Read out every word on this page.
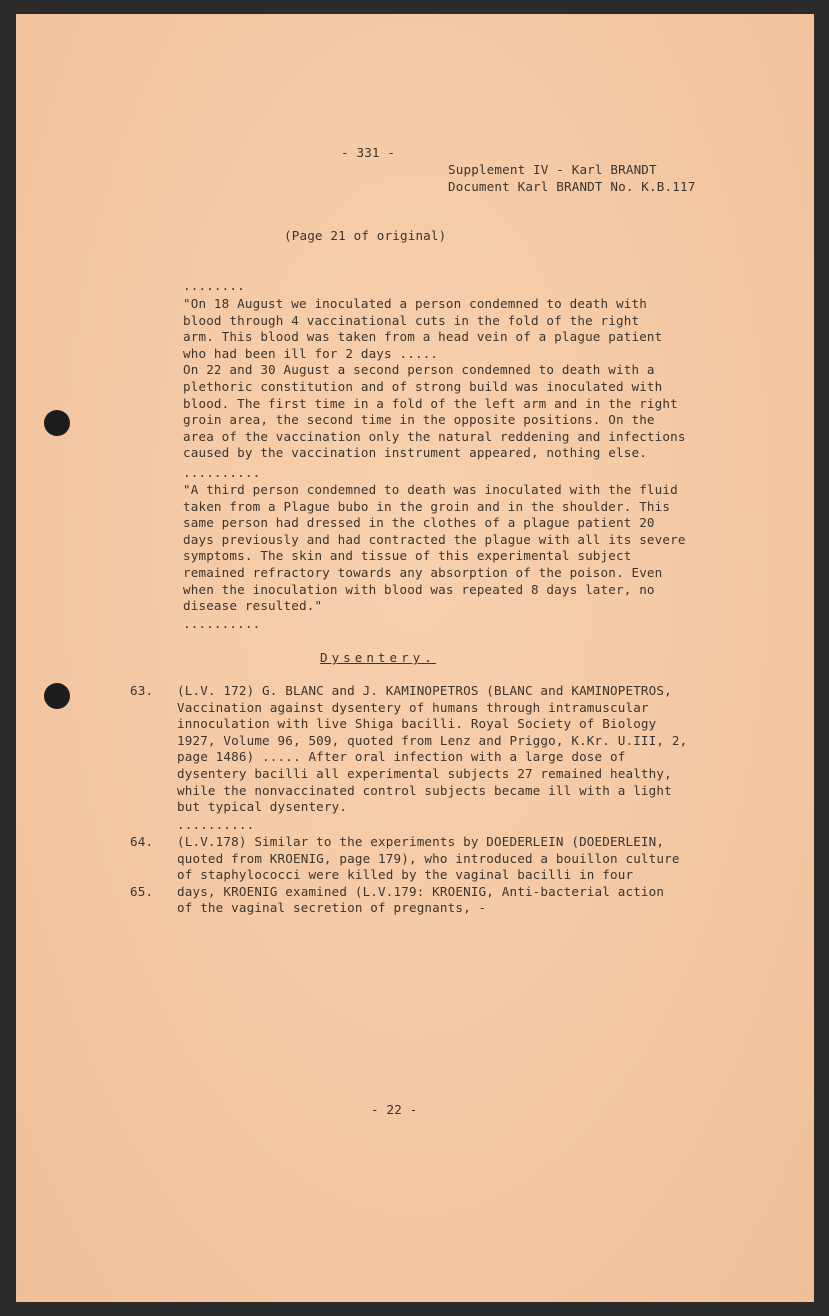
- 331 -
Supplement IV - Karl BRANDT
Document Karl BRANDT No. K.B.117
(Page 21 of original)
........
"On 18 August we inoculated a person condemned to death with
blood through 4 vaccinational cuts in the fold of the right
arm. This blood was taken from a head vein of a plague patient
who had been ill for 2 days .....
On 22 and 30 August a second person condemned to death with a
plethoric constitution and of strong build was inoculated with
blood. The first time in a fold of the left arm and in the right
groin area, the second time in the opposite positions. On the
area of the vaccination only the natural reddening and infections
caused by the vaccination instrument appeared, nothing else.
..........
"A third person condemned to death was inoculated with the fluid
taken from a Plague bubo in the groin and in the shoulder. This
same person had dressed in the clothes of a plague patient 20
days previously and had contracted the plague with all its severe
symptoms. The skin and tissue of this experimental subject
remained refractory towards any absorption of the poison. Even
when the inoculation with blood was repeated 8 days later, no
disease resulted."
..........
Dysentery.
63. (L.V. 172) G. BLANC and J. KAMINOPETROS (BLANC and KAMINOPETROS,
Vaccination against dysentery of humans through intramuscular
innoculation with live Shiga bacilli. Royal Society of Biology
1927, Volume 96, 509, quoted from Lenz and Priggo, K.Kr. U.III, 2,
page 1486) ..... After oral infection with a large dose of
dysentery bacilli all experimental subjects 27 remained healthy,
while the nonvaccinated control subjects became ill with a light
but typical dysentery.
..........
64.
65.
(L.V.178) Similar to the experiments by DOEDERLEIN (DOEDERLEIN,
quoted from KROENIG, page 179), who introduced a bouillon culture
of staphylococci were killed by the vaginal bacilli in four
days, KROENIG examined (L.V.179: KROENIG, Anti-bacterial action
of the vaginal secretion of pregnants, -
- 22 -
